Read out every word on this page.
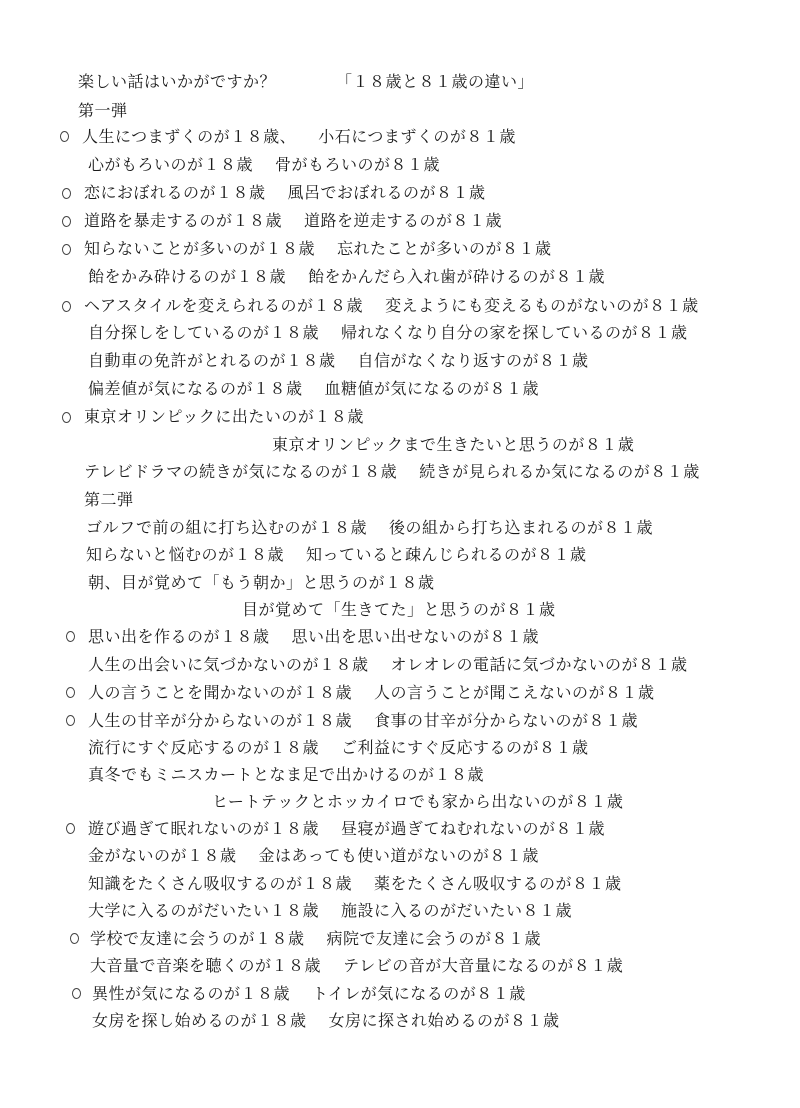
楽しい話はいかがですか？	「１８歳と８１歳の違い」
第一弾
人生につまずくのが１８歳、 小石につまずくのが８１歳
心がもろいのが１８歳 骨がもろいのが８１歳
恋におぼれるのが１８歳 風呂でおぼれるのが８１歳
道路を暴走するのが１８歳 道路を逆走するのが８１歳
知らないことが多いのが１８歳 忘れたことが多いのが８１歳
飴をかみ砕けるのが１８歳 飴をかんだら入れ歯が砕けるのが８１歳
ヘアスタイルを変えられるのが１８歳 変えようにも変えるものがないのが８１歳
自分探しをしているのが１８歳 帰れなくなり自分の家を探しているのが８１歳
自動車の免許がとれるのが１８歳 自信がなくなり返すのが８１歳
偏差値が気になるのが１８歳 血糖値が気になるのが８１歳
東京オリンピックに出たいのが１８歳
東京オリンピックまで生きたいと思うのが８１歳
テレビドラマの続きが気になるのが１８歳 続きが見られるか気になるのが８１歳
第二弾
ゴルフで前の組に打ち込むのが１８歳 後の組から打ち込まれるのが８１歳
知らないと悩むのが１８歳 知っていると疎んじられるのが８１歳
朝、目が覚めて「もう朝か」と思うのが１８歳
目が覚めて「生きてた」と思うのが８１歳
思い出を作るのが１８歳 思い出を思い出せないのが８１歳
人生の出会いに気づかないのが１８歳 オレオレの電話に気づかないのが８１歳
人の言うことを聞かないのが１８歳 人の言うことが聞こえないのが８１歳
人生の甘辛が分からないのが１８歳 食事の甘辛が分からないのが８１歳
流行にすぐ反応するのが１８歳 ご利益にすぐ反応するのが８１歳
真冬でもミニスカートとなま足で出かけるのが１８歳
ヒートテックとホッカイロでも家から出ないのが８１歳
遊び過ぎて眠れないのが１８歳 昼寝が過ぎてねむれないのが８１歳
金がないのが１８歳 金はあっても使い道がないのが８１歳
知識をたくさん吸収するのが１８歳 薬をたくさん吸収するのが８１歳
大学に入るのがだいたい１８歳 施設に入るのがだいたい８１歳
学校で友達に会うのが１８歳 病院で友達に会うのが８１歳
大音量で音楽を聴くのが１８歳 テレビの音が大音量になるのが８１歳
異性が気になるのが１８歳 トイレが気になるのが８１歳
女房を探し始めるのが１８歳 女房に探され始めるのが８１歳
